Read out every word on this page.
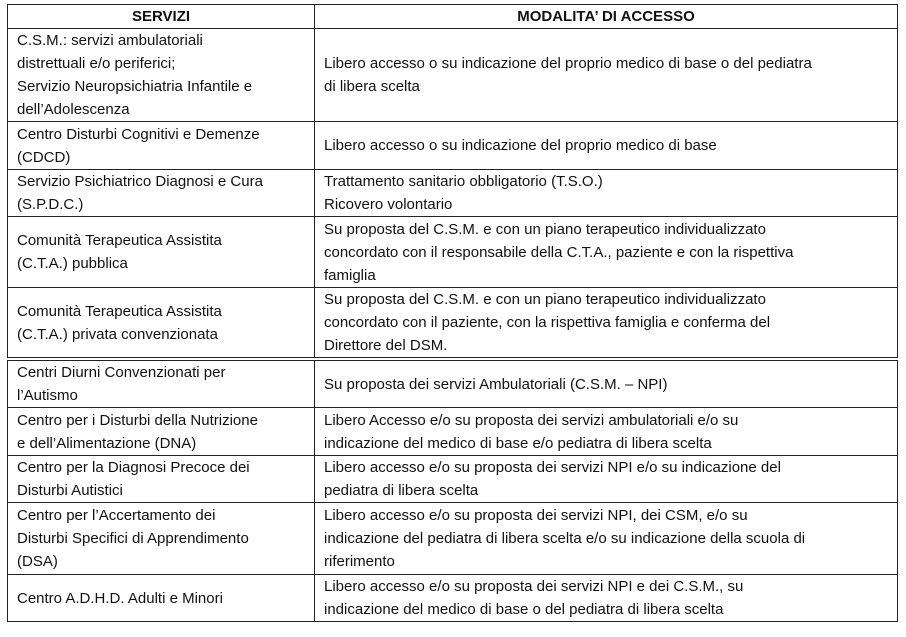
SERVIZI	MODALITA’ DI ACCESSO

C.S.M.: servizi ambulatoriali
distrettuali e/o periferici;
Servizio Neuropsichiatria Infantile e
dell’Adolescenza	Libero accesso o su indicazione del proprio medico di base o del pediatra
di libera scelta

Centro Disturbi Cognitivi e Demenze
(CDCD)	Libero accesso o su indicazione del proprio medico di base

Servizio Psichiatrico Diagnosi e Cura
(S.P.D.C.)	Trattamento sanitario obbligatorio (T.S.O.)
Ricovero volontario

Comunità Terapeutica Assistita
(C.T.A.) pubblica	Su proposta del C.S.M. e con un piano terapeutico individualizzato
concordato con il responsabile della C.T.A., paziente e con la rispettiva
famiglia

Comunità Terapeutica Assistita
(C.T.A.) privata convenzionata	Su proposta del C.S.M. e con un piano terapeutico individualizzato
concordato con il paziente, con la rispettiva famiglia e conferma del
Direttore del DSM.

Centri Diurni Convenzionati per
l’Autismo	Su proposta dei servizi Ambulatoriali (C.S.M. – NPI)

Centro per i Disturbi della Nutrizione
e dell’Alimentazione (DNA)	Libero Accesso e/o su proposta dei servizi ambulatoriali e/o su
indicazione del medico di base e/o pediatra di libera scelta

Centro per la Diagnosi Precoce dei
Disturbi Autistici	Libero accesso e/o su proposta dei servizi NPI e/o su indicazione del
pediatra di libera scelta

Centro per l’Accertamento dei
Disturbi Specifici di Apprendimento
(DSA)	Libero accesso e/o su proposta dei servizi NPI, dei CSM, e/o su
indicazione del pediatra di libera scelta e/o su indicazione della scuola di
riferimento

Centro A.D.H.D. Adulti e Minori	Libero accesso e/o su proposta dei servizi NPI e dei C.S.M., su
indicazione del medico di base o del pediatra di libera scelta
